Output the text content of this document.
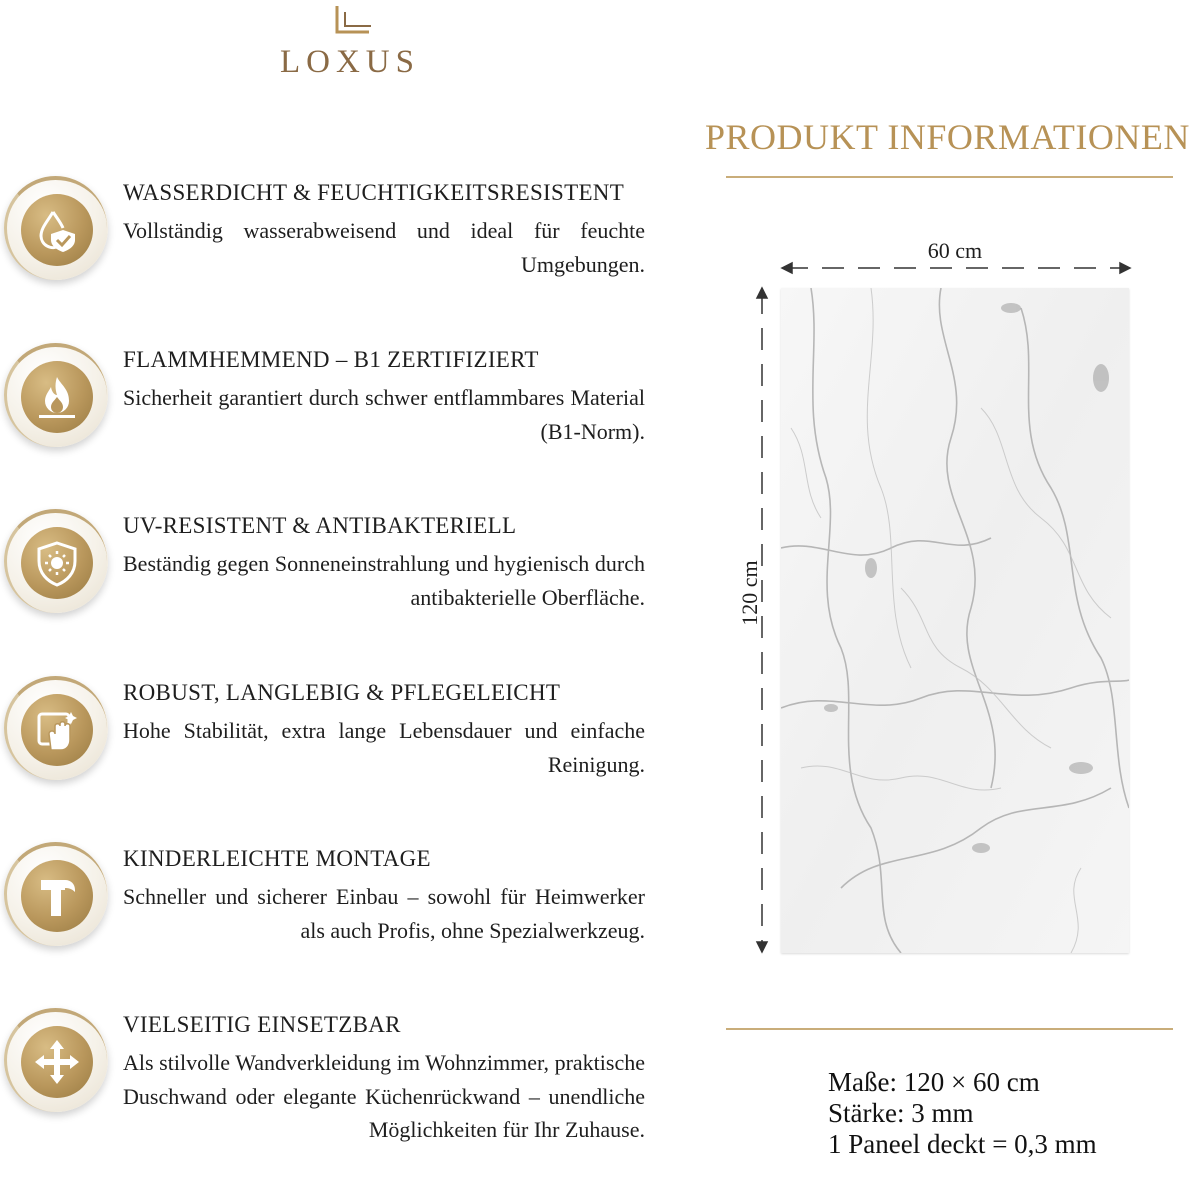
LOXUS
WASSERDICHT & FEUCHTIGKEITSRESISTENT
Vollständig wasserabweisend und ideal für feuchte Umgebungen.
FLAMMHEMMEND – B1 ZERTIFIZIERT
Sicherheit garantiert durch schwer entflammbares Material (B1-Norm).
UV-RESISTENT & ANTIBAKTERIELL
Beständig gegen Sonneneinstrahlung und hygienisch durch antibakterielle Oberfläche.
ROBUST, LANGLEBIG & PFLEGELEICHT
Hohe Stabilität, extra lange Lebensdauer und einfache Reinigung.
KINDERLEICHTE MONTAGE
Schneller und sicherer Einbau – sowohl für Heimwerker als auch Profis, ohne Spezialwerkzeug.
VIELSEITIG EINSETZBAR
Als stilvolle Wandverkleidung im Wohnzimmer, praktische Duschwand oder elegante Küchenrückwand – unendliche Möglichkeiten für Ihr Zuhause.
PRODUKT INFORMATIONEN
60 cm
120 cm
Maße: 120 × 60 cm
Stärke: 3 mm
1 Paneel deckt = 0,3 mm
